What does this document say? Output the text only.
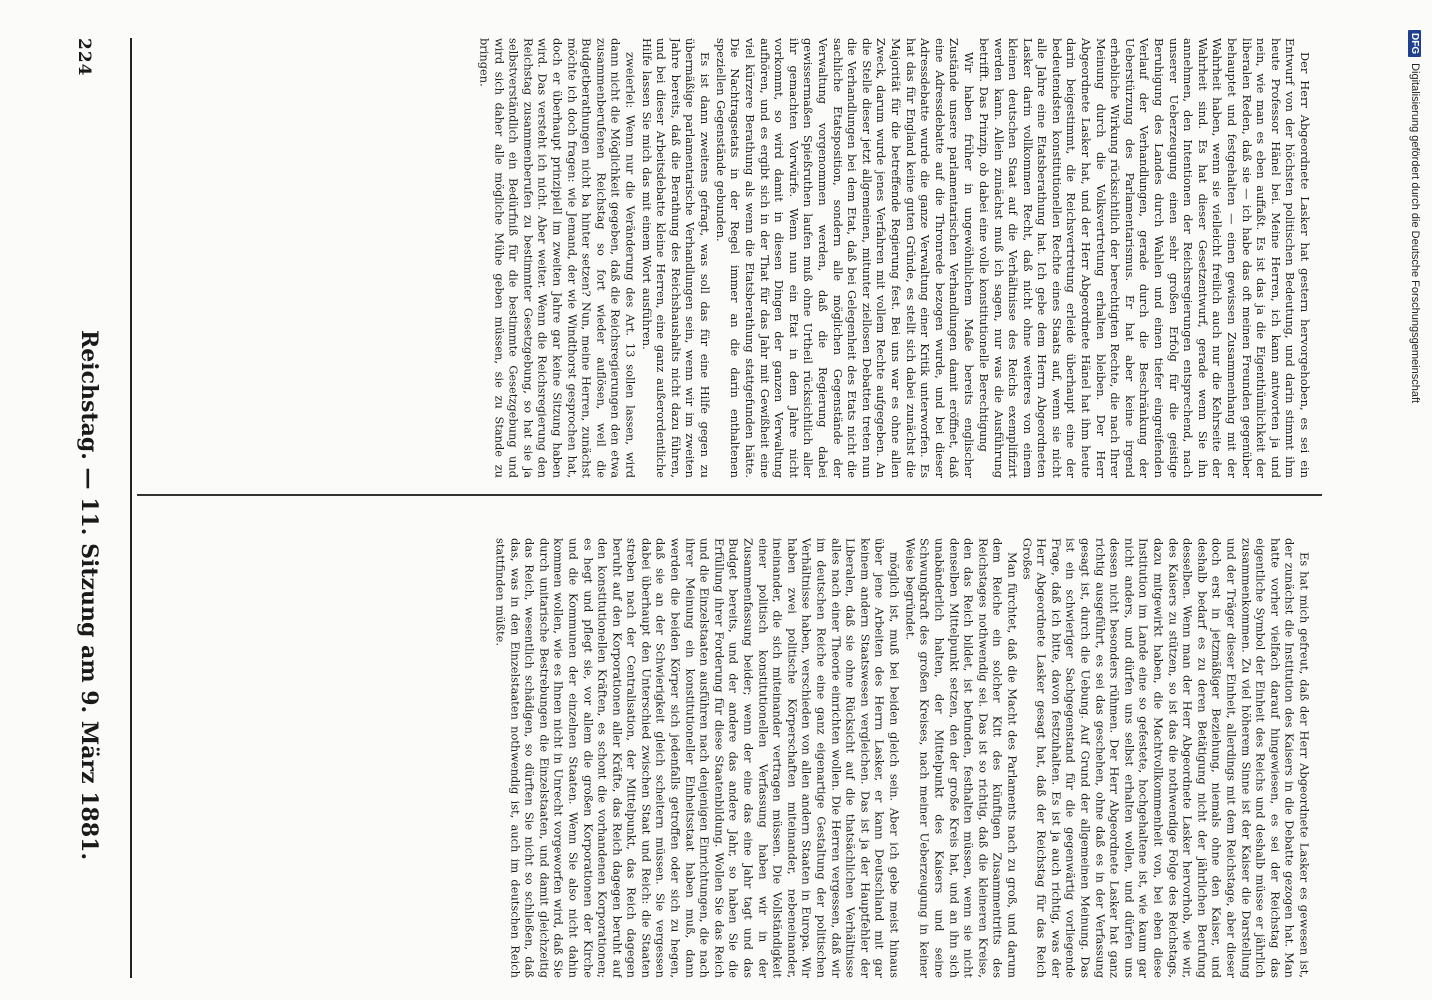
DFG
Digitalisierung gefördert durch die Deutsche Forschungsgemeinschaft

zweierlei: Wenn nur die Veränderung des Art. 13 sollen lassen, wird dann nicht die Möglichkeit gegeben, daß die Reichsregierungen den etwa zusammenberufenen Reichstag so fort wieder auflösen, weil die Budgetberathungen nicht ba hinter setzen? Nun, meine Herren, zunächst möchte ich doch fragen: wie Jemand, der wie Windthorst gesprochen hat, doch er überhaupt prinzipiell im zweiten Jahre gar keine Sitzung haben wird. Das versteht ich nicht. Aber weiter. Wenn die Reichsregierung den Reichstag zusammenberufen zu bestimmter Gesetzgebung, so hat sie ja selbstverständlich ein Bedürfniß für die bestimmte Gesetzgebung und wird sich daher alle mögliche Mühe geben müssen, sie zu Stande zu bringen.	Es ist dann zweitens gefragt, was soll das für eine Hilfe gegen zu übermäßige parlamentarische Verhandlungen sein, wenn wir im zweiten Jahre bereits, daß die Berathung des Reichshaushalts nicht dazu führen, und bei dieser Arbeitsdebatte kleine Herren, eine ganz außerordentliche Hilfe lassen Sie mich das mit einem Wort ausführen.	Wir haben früher in ungewöhnlichem Maße bereits englischer Zustände unsere parlamentarischen Verhandlungen damit eröffnet, daß eine Adressdebatte auf die Thronrede bezogen wurde, und bei dieser Adressdebatte wurde die ganze Verwaltung einer Kritik unterworfen. Es hat das für England keine guten Gründe, es stellt sich dabei zunächst die Majorität für die betreffende Regierung fest. Bei uns war es ohne allen Zweck, darum wurde jenes Verfahren mit vollem Rechte aufgegeben. An die Stelle dieser jetzt allgemeinen, mitunter ziellosen Debatten treten nun die Verhandlungen bei dem Etat, daß bei Gelegenheit des Etats nicht die sachliche Etatsposition, sondern alle möglichen Gegenstände der Verwaltung vorgenommen werden, daß die Regierung dabei gewissermaßen Spießruthen laufen muß ohne Urtheil rücksichtlich aller ihr gemachten Vorwürfe. Wenn nun ein Etat in dem Jahre nicht vorkommt, so wird damit in diesen Dingen der ganzen Verwaltung aufhören, und es ergibt sich in der That für das Jahr mit Gewißheit eine viel kürzere Berathung als wenn die Etatsberathung stattgefunden hätte. Die Nachtragsetats in der Regel immer an die darin enthaltenen speziellen Gegenstände gebunden.	Der Herr Abgeordnete Lasker hat gestern hervorgehoben, es sei ein Entwurf von der höchsten politischen Bedeutung, und darin stimmt ihm heute Professor Hänel bei. Meine Herren, ich kann antworten ja und nein, wie man es eben auffaßt. Es ist das ja die Eigenthümlichkeit der liberalen Reden, daß sie — ich habe das oft meinen Freunden gegenüber behauptet und festgehalten — einen gewissen Zusammenhang mit der Wahrheit haben, wenn sie vielleicht freilich auch nur die Kehrseite der Wahrheit sind. Es hat dieser Gesetzentwurf, gerade wenn Sie ihn annehmen, den Intentionen der Reichsregierungen entsprechend, nach unserer Ueberzeugung einen sehr großen Erfolg für die geistige Beruhigung des Landes durch Wahlen und einen tiefer eingreifenden Verlauf der Verhandlungen, gerade durch die Beschränkung der Ueberstürzung des Parlamentarismus. Er hat aber keine irgend erhebliche Wirkung rücksichtlich der berechtigten Rechte, die nach Ihrer Meinung durch die Volksvertretung erhalten bleiben. Der Herr Abgeordnete Lasker hat, und der Herr Abgeordnete Hänel hat ihm heute darin beigestimmt, die Reichsvertretung erleide überhaupt eine der bedeutendsten konstitutionellen Rechte eines Staats auf, wenn sie nicht alle Jahre eine Etatsberathung hat. Ich gebe dem Herrn Abgeordneten Lasker darin vollkommen Recht, daß nicht ohne weiteres von einem kleinen deutschen Staat auf die Verhältnisse des Reichs exemplifizirt werden kann. Allein zunächst muß ich sagen, nur was die Ausführung betrifft. Das Prinzip, ob dabei eine volle konstitutionelle Berechtigung

möglich ist, muß bei beiden gleich sein. Aber ich gebe meist hinaus über jene Arbeiten des Herrn Lasker, er kann Deutschland mit gar keinem andern Staatswesen vergleichen. Das ist ja der Hauptfehler der Liberalen, daß sie ohne Rücksicht auf die thatsächlichen Verhältnisse alles nach einer Theorie einrichten wollen. Die Herren vergessen, daß wir im deutschen Reiche eine ganz eigenartige Gestaltung der politischen Verhältnisse haben, verschieden von allen andern Staaten in Europa. Wir haben zwei politische Körperschaften miteinander, nebeneinander, ineinander, die sich miteinander vertragen müssen. Die Vollständigkeit einer politisch konstitutionellen Verfassung haben wir in der Zusammenfassung beider; wenn der eine das eine Jahr tagt und das Budget bereits, und der andere das andere Jahr, so haben Sie die Erfüllung ihrer Forderung für diese Staatenbildung. Wollen Sie das Reich und die Einzelstaaten ausführen nach denjenigen Einrichtungen, die nach ihrer Meinung ein konstitutioneller Einheitsstaat haben muß, dann werden die beiden Körper sich jedenfalls getroffen oder sich zu hegen, daß sie an der Schwierigkeit gleich scheitern müssen. Sie vergessen dabei überhaupt den Unterschied zwischen Staat und Reich: die Staaten streben nach der Centralisation, der Mittelpunkt, das Reich dagegen beruht auf den Korporationen aller Kräfte, das Reich dagegen beruht auf den konstitutionellen Kräften, es schont die vorhandenen Korporationen; es hegt und pflegt sie, vor allem die großen Korporationen der Kirche und die Kommunen der einzelnen Staaten. Wenn Sie also nicht dahin kommen wollen, wie es Ihnen nicht in Unrecht vorgeworfen wird, daß Sie durch unitarische Bestrebungen die Einzelstaaten, und damit gleichzeitig das Reich, wesentlich schädigen, so dürften Sie nicht so schließen, daß das, was in den Einzelstaaten nothwendig ist, auch im deutschen Reich stattfinden müßte.	Man fürchtet, daß die Macht des Parlaments nach zu groß, und darum dem Reiche ein solcher Kitt des künftigen Zusammentritts des Reichstages nothwendig sei. Das ist so richtig, daß die kleineren Kreise, den das Reich bildet, ist befunden, festhalten müssen, wenn sie nicht denselben Mittelpunkt setzen, den der große Kreis hat, und an ihn sich unabänderlich halten, der Mittelpunkt des Kaisers und seine Schwungkraft des großen Kreises, nach meiner Ueberzeugung in keiner Weise begründet.	Es hat mich gefreut, daß der Herr Abgeordnete Lasker es gewesen ist, der zunächst die Institution des Kaisers in die Debatte gezogen hat. Man hatte vorher vielfach darauf hingewiesen, es sei der Reichstag das eigentliche Symbol der Einheit des Reichs und deshalb müsse er jährlich zusammenkommen. Zu viel höherem Sinne ist der Kaiser die Darstellung und der Träger dieser Einheit, allerdings mit dem Reichstage, aber dieser doch erst in jetzmäßiger Beziehung, niemals ohne den Kaiser, und deshalb bedarf es zu deren Betätigung nicht der jährlichen Berufung desselben. Wenn man der Herr Abgeordnete Lasker hervorhob, wie wir, des Kaisers zu stützen, so ist das die nothwendige Folge des Reichstags, dazu mitgewirkt haben, die Machtvollkommenheit von, bei eben diese Institution im Lande eine so gefestete, hochgehaltene ist, wie kaum gar nicht anders, und dürfen uns selbst erhalten wollen, und dürfen uns dessen nicht besonders rühmen. Der Herr Abgeordnete Lasker hat ganz richtig ausgeführt, es sei das geschehen, ohne daß es in der Verfassung gesagt ist, durch die Uebung. Auf Grund der allgemeinen Meinung. Das ist ein schwieriger Sachgegenstand für die gegenwärtig vorliegende Frage, daß ich bitte, davon festzuhalten. Es ist ja auch richtig, was der Herr Abgeordnete Lasker gesagt hat, daß der Reichstag für das Reich Großes

224
Reichstag. — 11. Sitzung am 9. März 1881.
